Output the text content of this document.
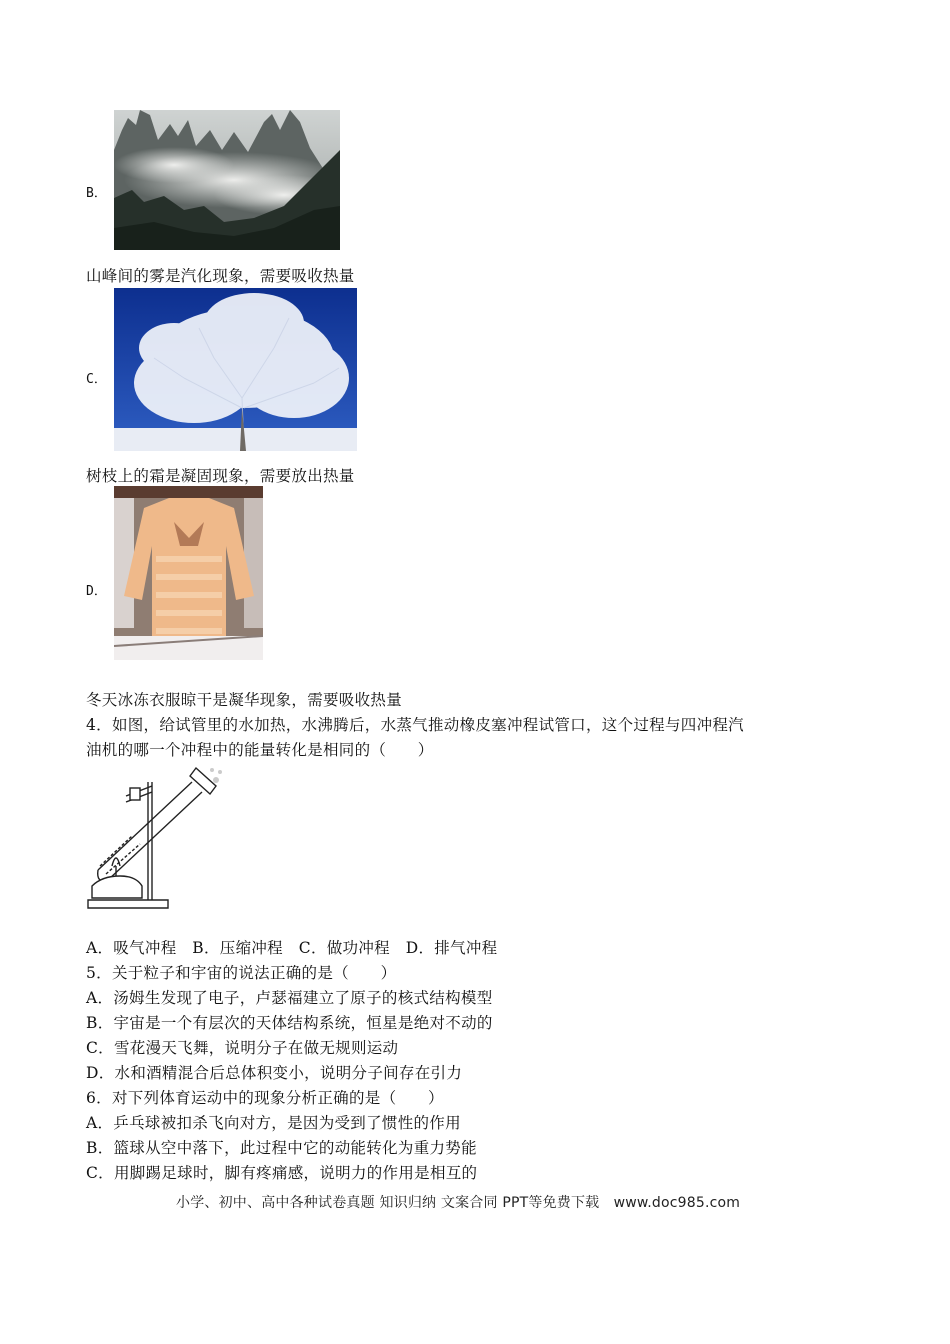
B．
山峰间的雾是汽化现象，需要吸收热量
C．
树枝上的霜是凝固现象，需要放出热量
D．
冬天冰冻衣服晾干是凝华现象，需要吸收热量
4．如图，给试管里的水加热，水沸腾后，水蒸气推动橡皮塞冲程试管口，这个过程与四冲程汽
油机的哪一个冲程中的能量转化是相同的（　　）
A．吸气冲程　B．压缩冲程　C．做功冲程　D．排气冲程
5．关于粒子和宇宙的说法正确的是（　　）
A．汤姆生发现了电子，卢瑟福建立了原子的核式结构模型
B．宇宙是一个有层次的天体结构系统，恒星是绝对不动的
C．雪花漫天飞舞，说明分子在做无规则运动
D．水和酒精混合后总体积变小，说明分子间存在引力
6．对下列体育运动中的现象分析正确的是（　　）
A．乒乓球被扣杀飞向对方，是因为受到了惯性的作用
B．篮球从空中落下，此过程中它的动能转化为重力势能
C．用脚踢足球时，脚有疼痛感，说明力的作用是相互的
小学、初中、高中各种试卷真题 知识归纳 文案合同 PPT等免费下载　www.doc985.com
